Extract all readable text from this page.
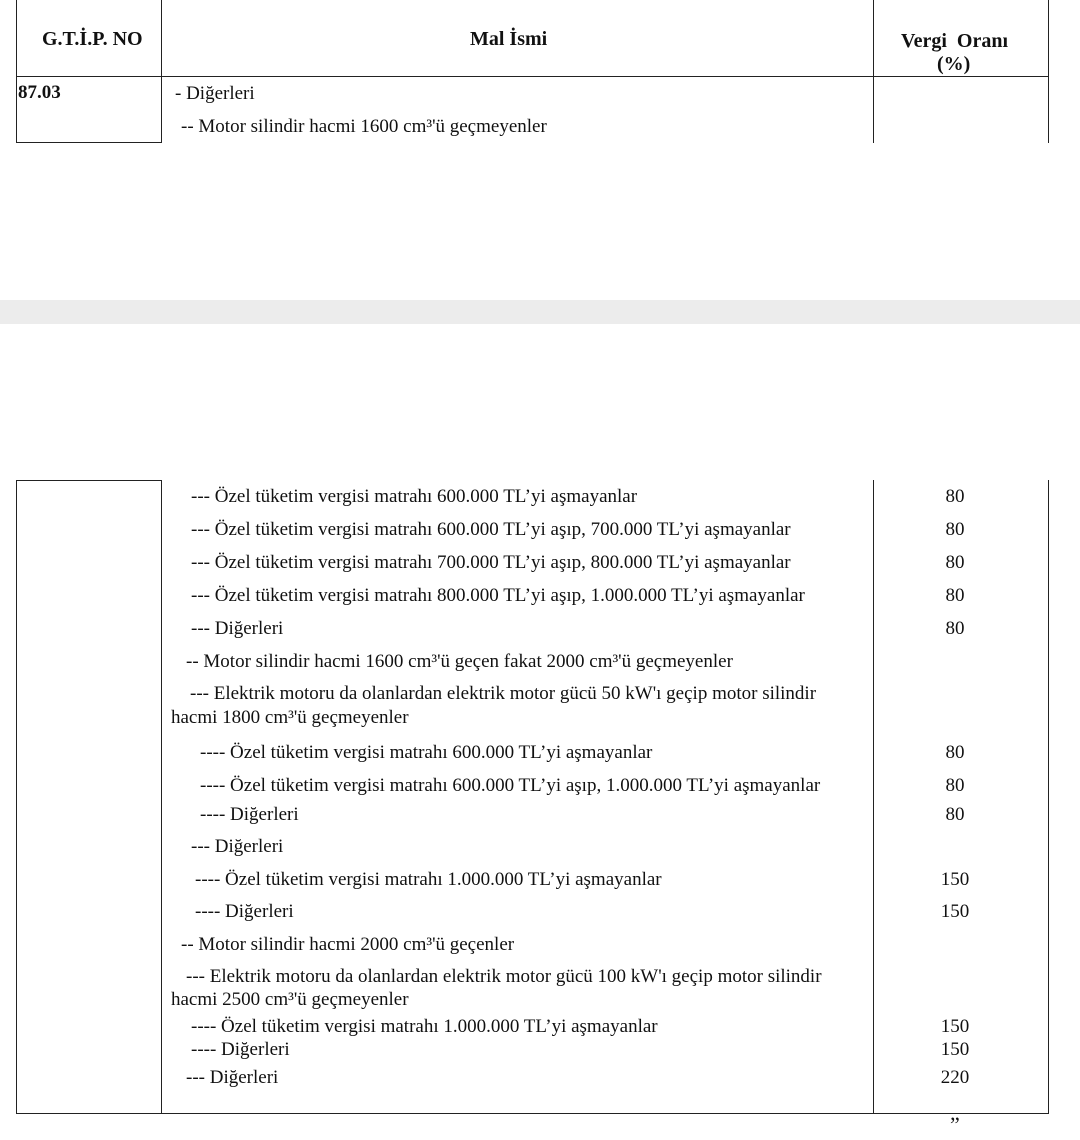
G.T.İ.P. NO	Mal İsmi	Vergi  Oranı
(%)
87.03	- Diğerleri
-- Motor silindir hacmi 1600 cm³'ü geçmeyenler
--- Özel tüketim vergisi matrahı 600.000 TL’yi aşmayanlar	80
--- Özel tüketim vergisi matrahı 600.000 TL’yi aşıp, 700.000 TL’yi aşmayanlar	80
--- Özel tüketim vergisi matrahı 700.000 TL’yi aşıp, 800.000 TL’yi aşmayanlar	80
--- Özel tüketim vergisi matrahı 800.000 TL’yi aşıp, 1.000.000 TL’yi aşmayanlar	80
--- Diğerleri	80
-- Motor silindir hacmi 1600 cm³'ü geçen fakat 2000 cm³'ü geçmeyenler
--- Elektrik motoru da olanlardan elektrik motor gücü 50 kW'ı geçip motor silindir
hacmi 1800 cm³'ü geçmeyenler
---- Özel tüketim vergisi matrahı 600.000 TL’yi aşmayanlar	80
---- Özel tüketim vergisi matrahı 600.000 TL’yi aşıp, 1.000.000 TL’yi aşmayanlar	80
---- Diğerleri	80
--- Diğerleri
---- Özel tüketim vergisi matrahı 1.000.000 TL’yi aşmayanlar	150
---- Diğerleri	150
-- Motor silindir hacmi 2000 cm³'ü geçenler
--- Elektrik motoru da olanlardan elektrik motor gücü 100 kW'ı geçip motor silindir
hacmi 2500 cm³'ü geçmeyenler
---- Özel tüketim vergisi matrahı 1.000.000 TL’yi aşmayanlar	150
---- Diğerleri	150
--- Diğerleri	220
”
